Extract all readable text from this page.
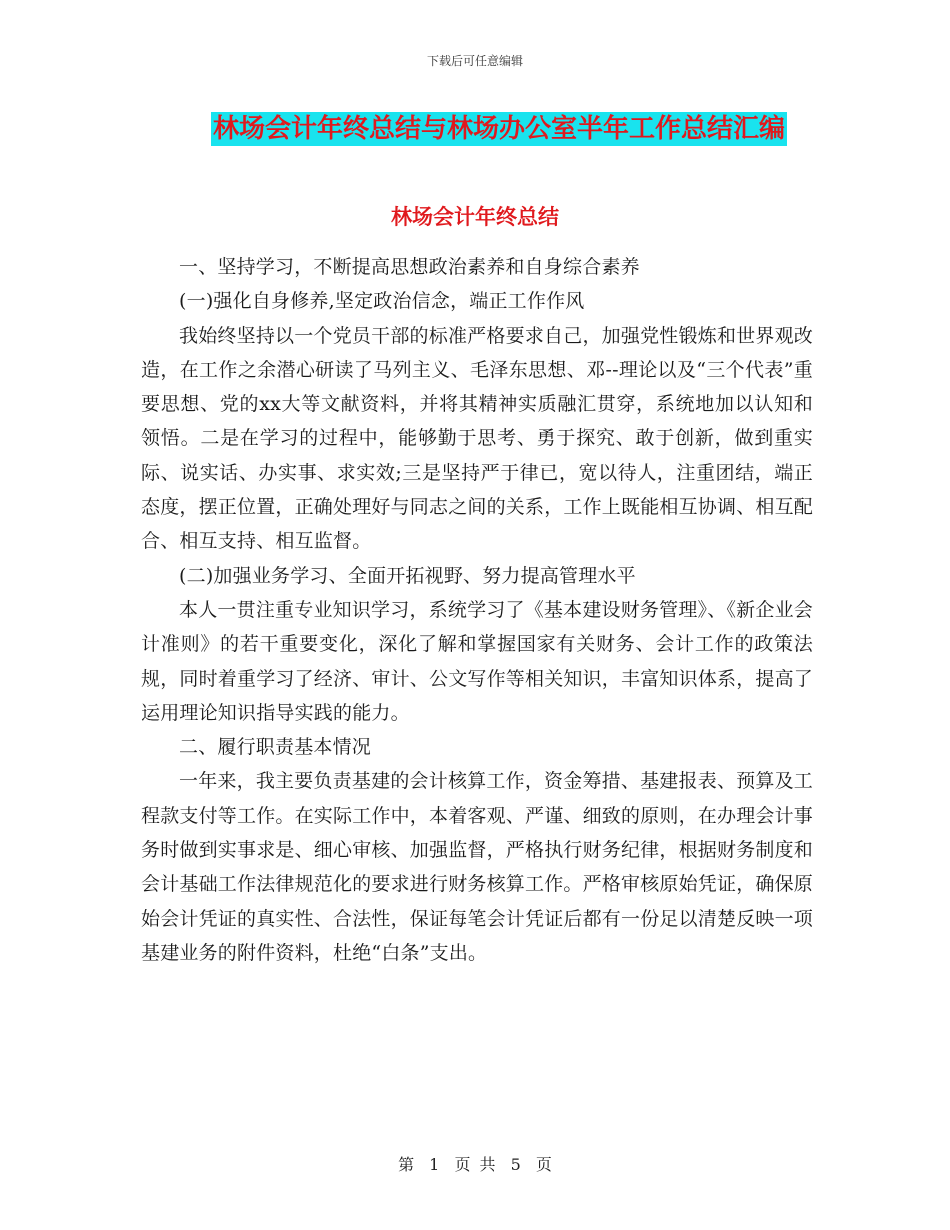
下载后可任意编辑
林场会计年终总结与林场办公室半年工作总结汇编
林场会计年终总结

一、坚持学习，不断提高思想政治素养和自身综合素养

(一)强化自身修养,坚定政治信念，端正工作作风

我始终坚持以一个党员干部的标准严格要求自己，加强党性锻炼和世界观改造，在工作之余潜心研读了马列主义、毛泽东思想、邓--理论以及“三个代表”重要思想、党的xx大等文献资料，并将其精神实质融汇贯穿，系统地加以认知和领悟。二是在学习的过程中，能够勤于思考、勇于探究、敢于创新，做到重实际、说实话、办实事、求实效;三是坚持严于律已，宽以待人，注重团结，端正态度，摆正位置，正确处理好与同志之间的关系，工作上既能相互协调、相互配合、相互支持、相互监督。

(二)加强业务学习、全面开拓视野、努力提高管理水平

本人一贯注重专业知识学习，系统学习了《基本建设财务管理》、《新企业会计准则》的若干重要变化，深化了解和掌握国家有关财务、会计工作的政策法规，同时着重学习了经济、审计、公文写作等相关知识，丰富知识体系，提高了运用理论知识指导实践的能力。

二、履行职责基本情况

一年来，我主要负责基建的会计核算工作，资金筹措、基建报表、预算及工程款支付等工作。在实际工作中，本着客观、严谨、细致的原则，在办理会计事务时做到实事求是、细心审核、加强监督，严格执行财务纪律，根据财务制度和会计基础工作法律规范化的要求进行财务核算工作。严格审核原始凭证，确保原始会计凭证的真实性、合法性，保证每笔会计凭证后都有一份足以清楚反映一项基建业务的附件资料，杜绝“白条”支出。

第 1 页 共 5 页
